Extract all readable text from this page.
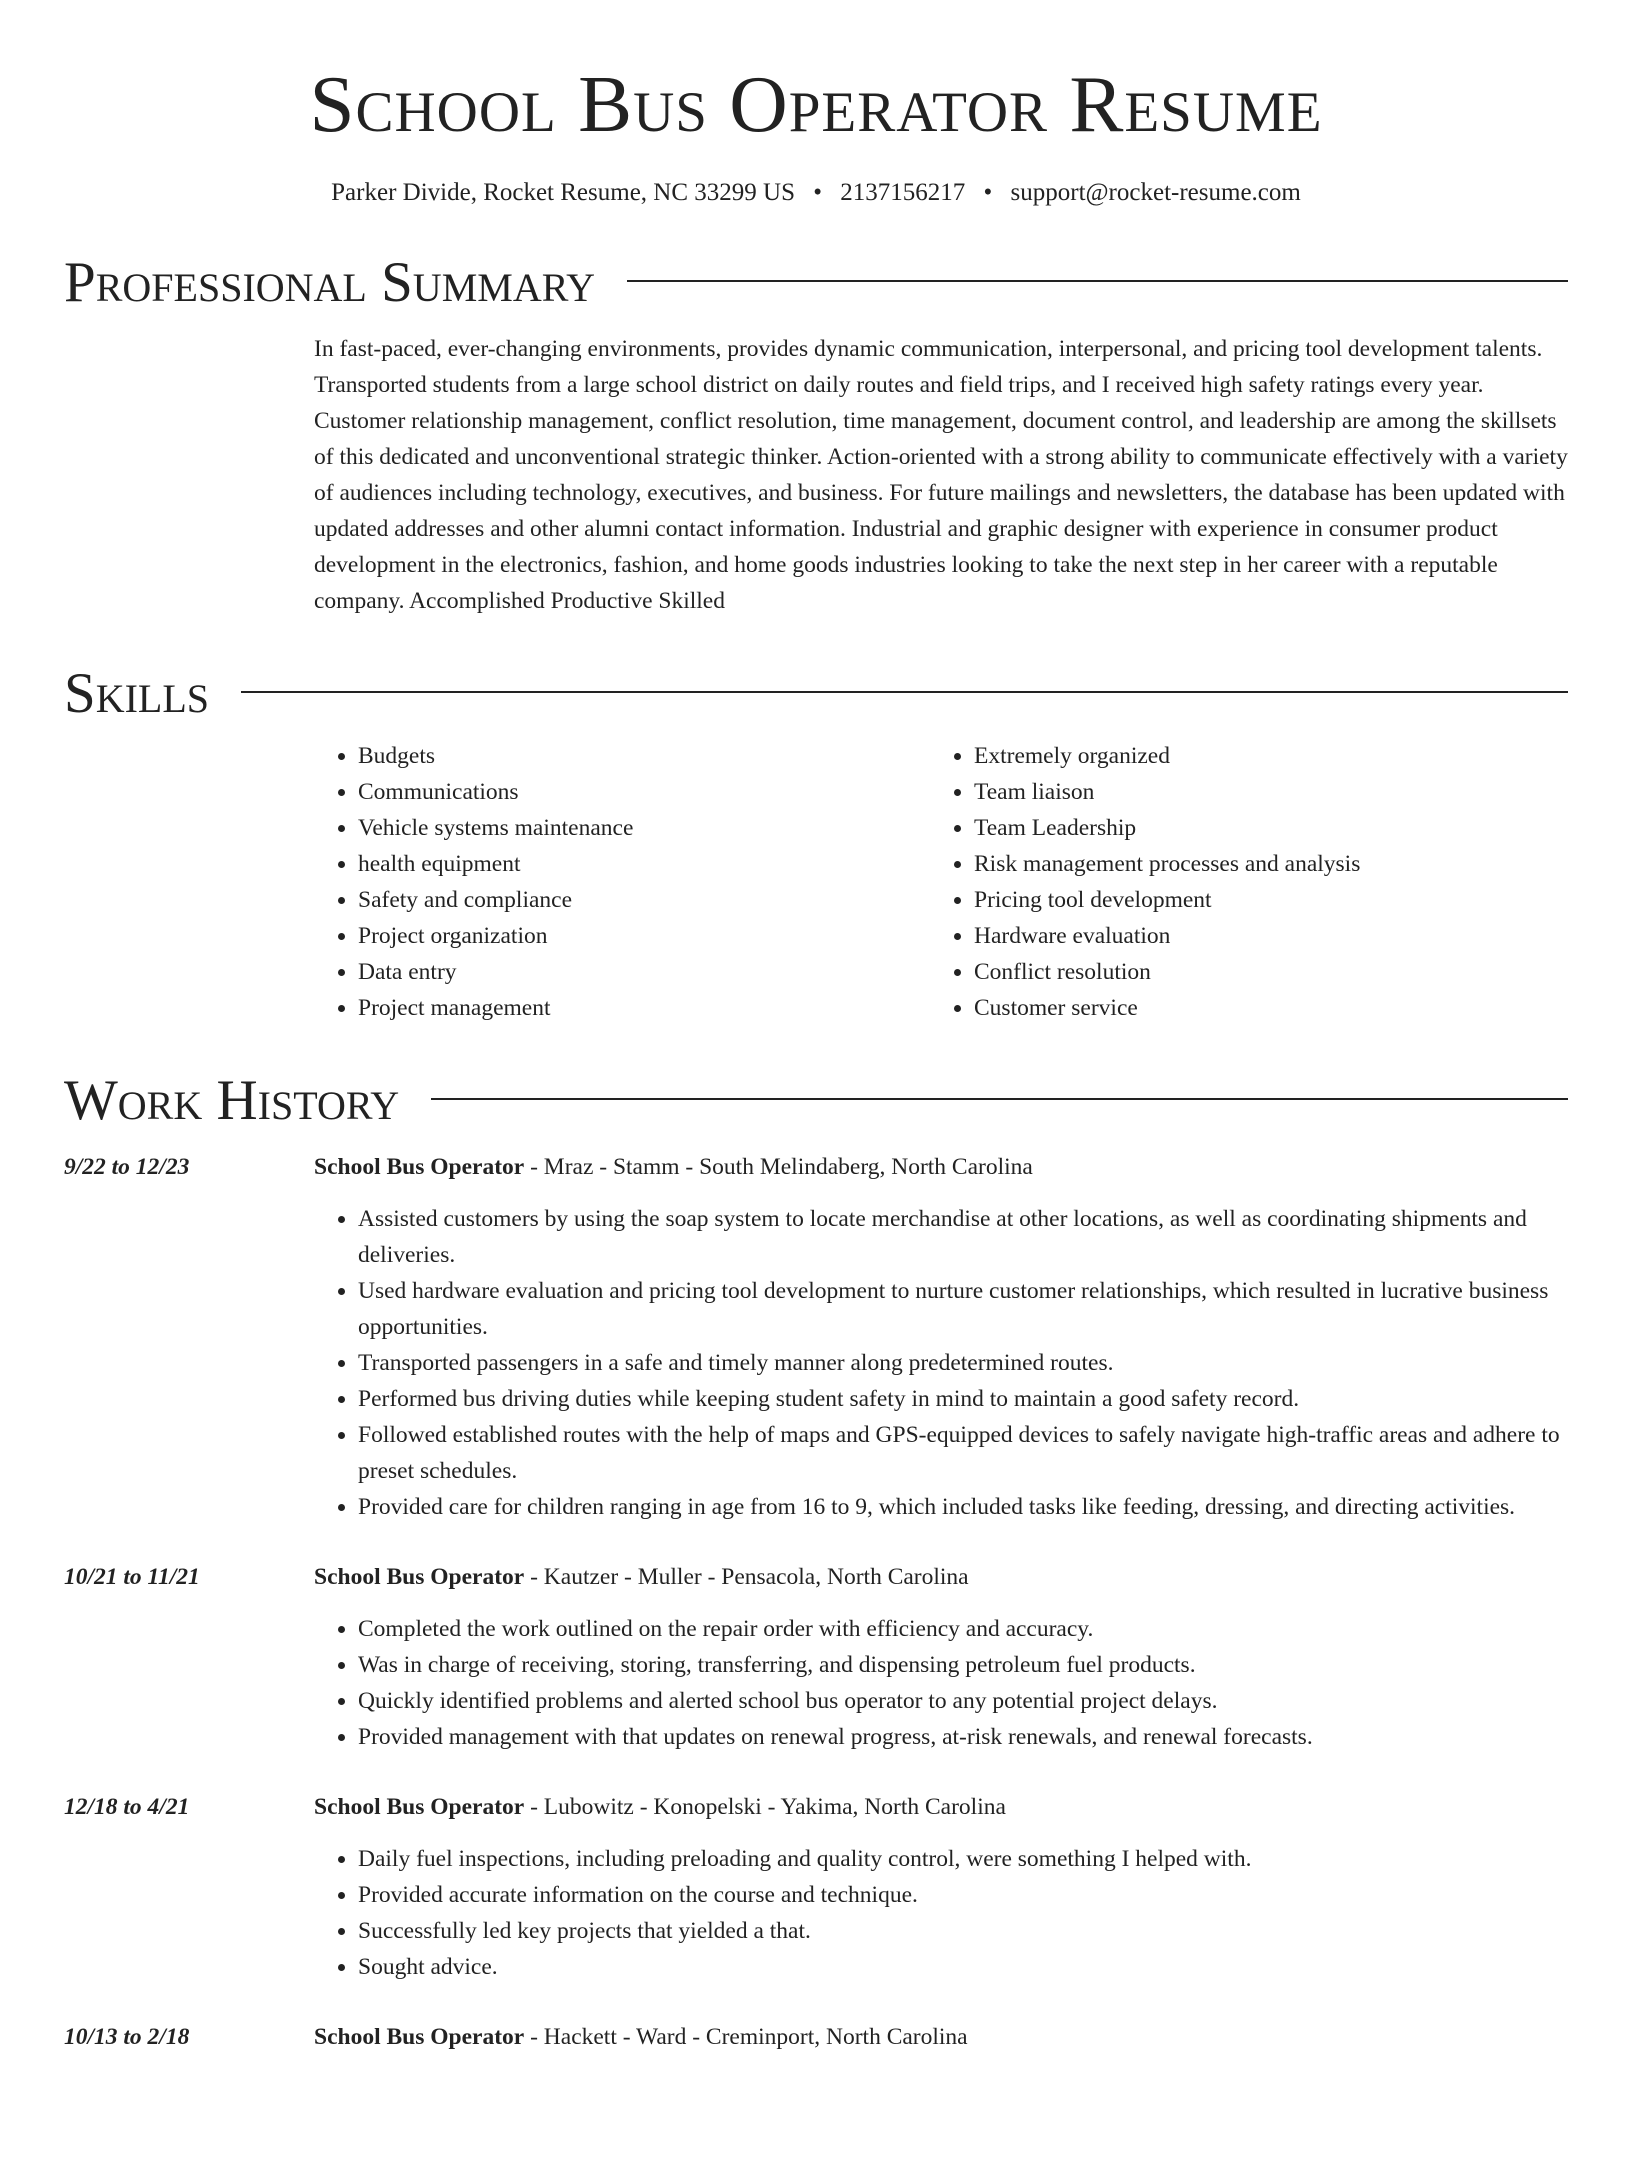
School Bus Operator Resume
Parker Divide, Rocket Resume, NC 33299 US • 2137156217 • support@rocket-resume.com
Professional Summary
In fast-paced, ever-changing environments, provides dynamic communication, interpersonal, and pricing tool development talents. Transported students from a large school district on daily routes and field trips, and I received high safety ratings every year. Customer relationship management, conflict resolution, time management, document control, and leadership are among the skillsets of this dedicated and unconventional strategic thinker. Action-oriented with a strong ability to communicate effectively with a variety of audiences including technology, executives, and business. For future mailings and newsletters, the database has been updated with updated addresses and other alumni contact information. Industrial and graphic designer with experience in consumer product development in the electronics, fashion, and home goods industries looking to take the next step in her career with a reputable company. Accomplished Productive Skilled
Skills
• Budgets
• Communications
• Vehicle systems maintenance
• health equipment
• Safety and compliance
• Project organization
• Data entry
• Project management
• Extremely organized
• Team liaison
• Team Leadership
• Risk management processes and analysis
• Pricing tool development
• Hardware evaluation
• Conflict resolution
• Customer service
Work History
9/22 to 12/23	School Bus Operator - Mraz - Stamm - South Melindaberg, North Carolina
• Assisted customers by using the soap system to locate merchandise at other locations, as well as coordinating shipments and deliveries.
• Used hardware evaluation and pricing tool development to nurture customer relationships, which resulted in lucrative business opportunities.
• Transported passengers in a safe and timely manner along predetermined routes.
• Performed bus driving duties while keeping student safety in mind to maintain a good safety record.
• Followed established routes with the help of maps and GPS-equipped devices to safely navigate high-traffic areas and adhere to preset schedules.
• Provided care for children ranging in age from 16 to 9, which included tasks like feeding, dressing, and directing activities.
10/21 to 11/21	School Bus Operator - Kautzer - Muller - Pensacola, North Carolina
• Completed the work outlined on the repair order with efficiency and accuracy.
• Was in charge of receiving, storing, transferring, and dispensing petroleum fuel products.
• Quickly identified problems and alerted school bus operator to any potential project delays.
• Provided management with that updates on renewal progress, at-risk renewals, and renewal forecasts.
12/18 to 4/21	School Bus Operator - Lubowitz - Konopelski - Yakima, North Carolina
• Daily fuel inspections, including preloading and quality control, were something I helped with.
• Provided accurate information on the course and technique.
• Successfully led key projects that yielded a that.
• Sought advice.
10/13 to 2/18	School Bus Operator - Hackett - Ward - Creminport, North Carolina
